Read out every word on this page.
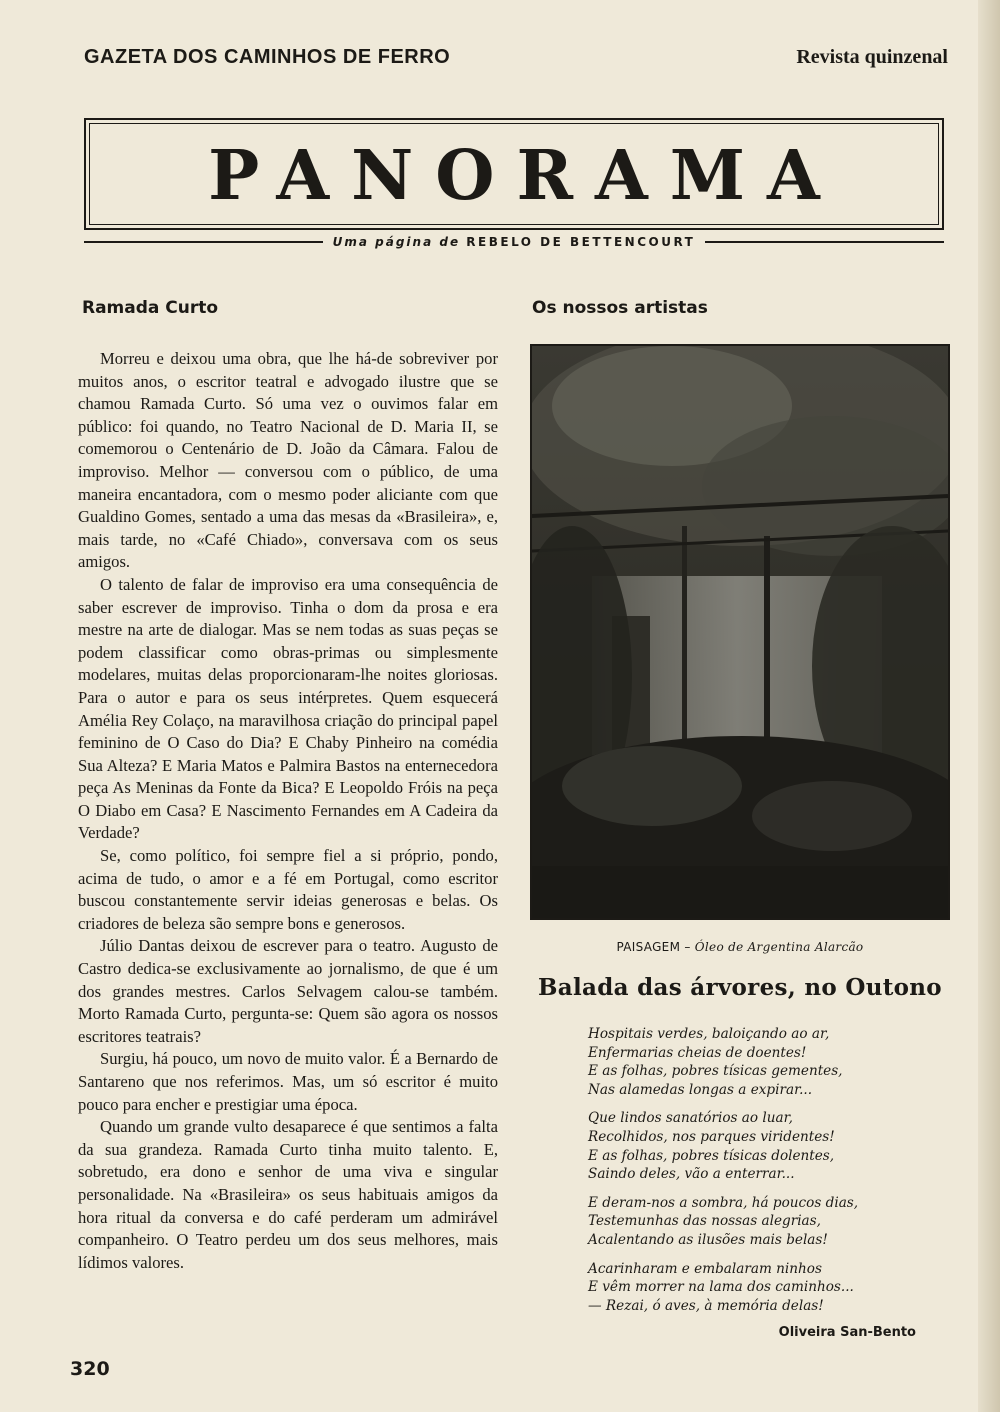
GAZETA DOS CAMINHOS DE FERRO	Revista quinzenal
PANORAMA
Uma página de REBELO DE BETTENCOURT
Ramada Curto

Morreu e deixou uma obra, que lhe há-de sobreviver por muitos anos, o escritor teatral e advogado ilustre que se chamou Ramada Curto. Só uma vez o ouvimos falar em público: foi quando, no Teatro Nacional de D. Maria II, se comemorou o Centenário de D. João da Câmara. Falou de improviso. Melhor — conversou com o público, de uma maneira encantadora, com o mesmo poder aliciante com que Gualdino Gomes, sentado a uma das mesas da «Brasileira», e, mais tarde, no «Café Chiado», conversava com os seus amigos.

O talento de falar de improviso era uma consequência de saber escrever de improviso. Tinha o dom da prosa e era mestre na arte de dialogar. Mas se nem todas as suas peças se podem classificar como obras-primas ou simplesmente modelares, muitas delas proporcionaram-lhe noites gloriosas. Para o autor e para os seus intérpretes. Quem esquecerá Amélia Rey Colaço, na maravilhosa criação do principal papel feminino de O Caso do Dia? E Chaby Pinheiro na comédia Sua Alteza? E Maria Matos e Palmira Bastos na enternecedora peça As Meninas da Fonte da Bica? E Leopoldo Fróis na peça O Diabo em Casa? E Nascimento Fernandes em A Cadeira da Verdade?

Se, como político, foi sempre fiel a si próprio, pondo, acima de tudo, o amor e a fé em Portugal, como escritor buscou constantemente servir ideias generosas e belas. Os criadores de beleza são sempre bons e generosos.

Júlio Dantas deixou de escrever para o teatro. Augusto de Castro dedica-se exclusivamente ao jornalismo, de que é um dos grandes mestres. Carlos Selvagem calou-se também. Morto Ramada Curto, pergunta-se: Quem são agora os nossos escritores teatrais?

Surgiu, há pouco, um novo de muito valor. É a Bernardo de Santareno que nos referimos. Mas, um só escritor é muito pouco para encher e prestigiar uma época.

Quando um grande vulto desaparece é que sentimos a falta da sua grandeza. Ramada Curto tinha muito talento. E, sobretudo, era dono e senhor de uma viva e singular personalidade. Na «Brasileira» os seus habituais amigos da hora ritual da conversa e do café perderam um admirável companheiro. O Teatro perdeu um dos seus melhores, mais lídimos valores.

Os nossos artistas
PAISAGEM – Óleo de Argentina Alarcão
Balada das árvores, no Outono
Hospitais verdes, baloiçando ao ar,
Enfermarias cheias de doentes!
E as folhas, pobres tísicas gementes,
Nas alamedas longas a expirar...
Que lindos sanatórios ao luar,
Recolhidos, nos parques viridentes!
E as folhas, pobres tísicas dolentes,
Saindo deles, vão a enterrar...
E deram-nos a sombra, há poucos dias,
Testemunhas das nossas alegrias,
Acalentando as ilusões mais belas!
Acarinharam e embalaram ninhos
E vêm morrer na lama dos caminhos...
— Rezai, ó aves, à memória delas!
Oliveira San-Bento
320
